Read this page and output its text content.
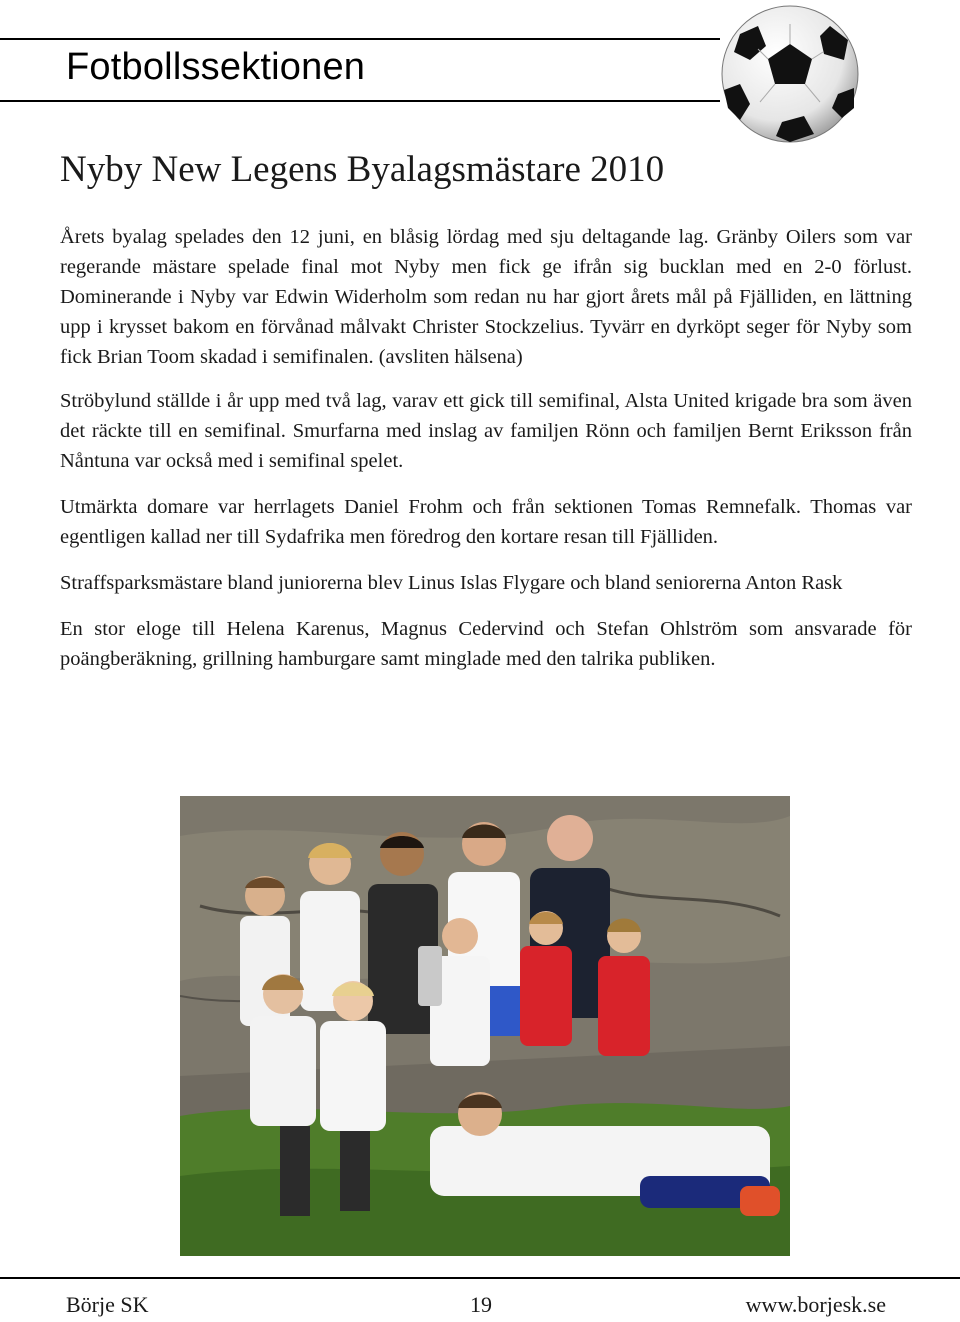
Fotbollssektionen
Nyby New Legens Byalagsmästare 2010

Årets byalag spelades den 12 juni, en blåsig lördag med sju deltagande lag. Gränby Oilers som var regerande mästare spelade final mot Nyby men fick ge ifrån sig bucklan med en 2-0 förlust. Dominerande i Nyby var Edwin Widerholm som redan nu har gjort årets mål på Fjälliden, en lättning upp i krysset bakom en förvånad målvakt Christer Stockzelius. Tyvärr en dyrköpt seger för Nyby som fick Brian Toom skadad i semifinalen. (avsliten hälsena)

Ströbylund ställde i år upp med två lag, varav ett gick till semifinal, Alsta United krigade bra som även det räckte till en semifinal. Smurfarna med inslag av familjen Rönn och familjen Bernt Eriksson från Nåntuna var också med i semifinal spelet.

Utmärkta domare var herrlagets Daniel Frohm och från sektionen Tomas Remnefalk. Thomas var egentligen kallad ner till Sydafrika men föredrog den kortare resan till Fjälliden.

Straffsparksmästare bland juniorerna blev Linus Islas Flygare och bland seniorerna Anton Rask

En stor eloge till Helena Karenus, Magnus Cedervind och Stefan Ohlström som ansvarade för poängberäkning, grillning hamburgare samt minglade med den talrika publiken.

Börje SK	19	www.borjesk.se
